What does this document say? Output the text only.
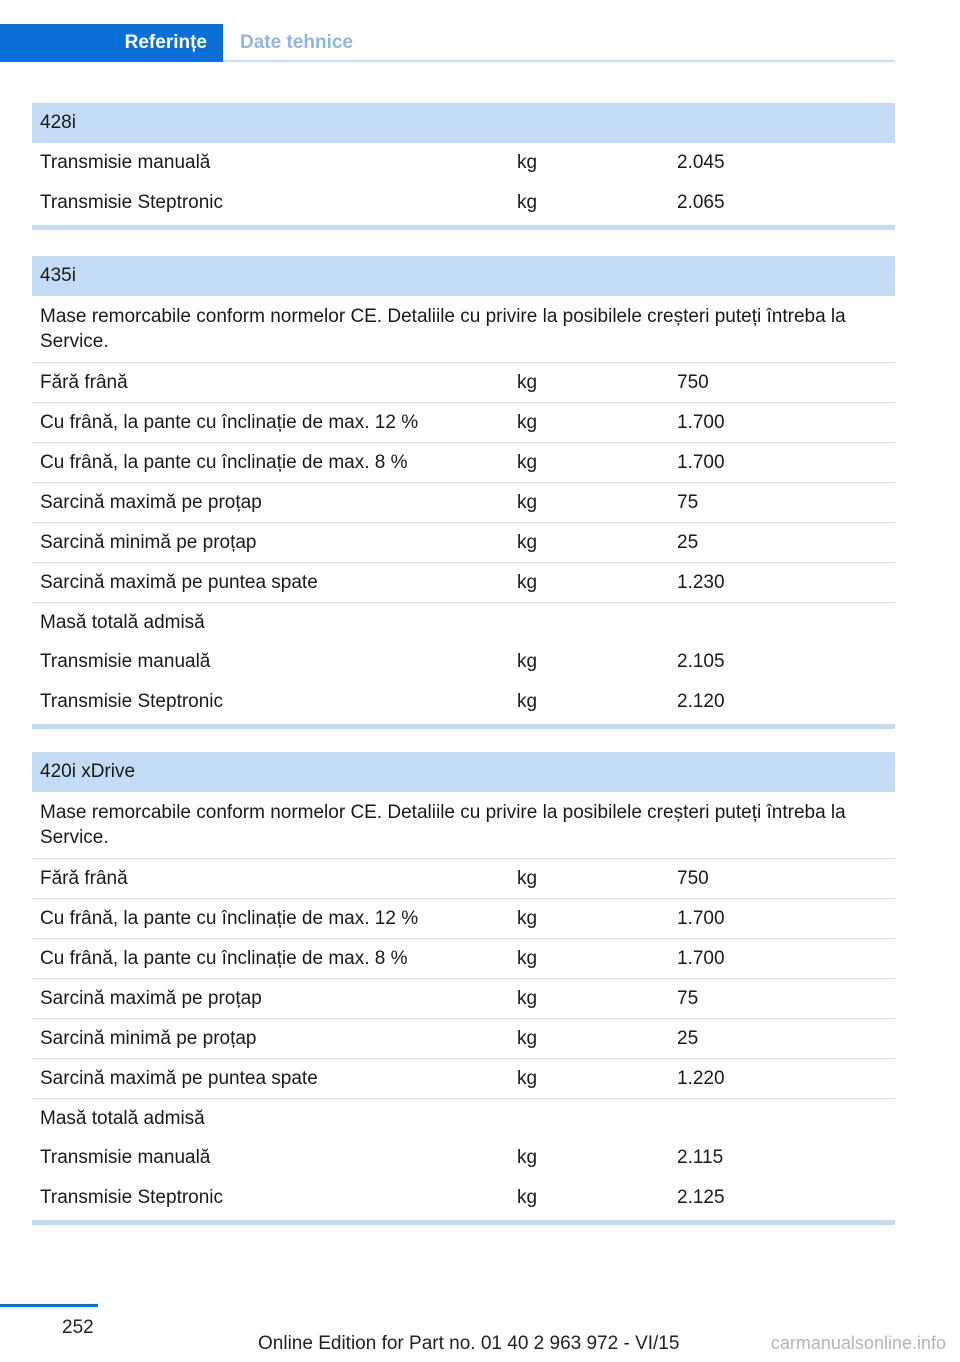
Referințe	Date tehnice
428i
Transmisie manuală	kg	2.045
Transmisie Steptronic	kg	2.065
435i
Mase remorcabile conform normelor CE. Detaliile cu privire la posibilele creșteri puteți întreba la Service.
Fără frână	kg	750
Cu frână, la pante cu înclinație de max. 12 %	kg	1.700
Cu frână, la pante cu înclinație de max. 8 %	kg	1.700
Sarcină maximă pe proțap	kg	75
Sarcină minimă pe proțap	kg	25
Sarcină maximă pe puntea spate	kg	1.230
Masă totală admisă
Transmisie manuală	kg	2.105
Transmisie Steptronic	kg	2.120
420i xDrive
Mase remorcabile conform normelor CE. Detaliile cu privire la posibilele creșteri puteți întreba la Service.
Fără frână	kg	750
Cu frână, la pante cu înclinație de max. 12 %	kg	1.700
Cu frână, la pante cu înclinație de max. 8 %	kg	1.700
Sarcină maximă pe proțap	kg	75
Sarcină minimă pe proțap	kg	25
Sarcină maximă pe puntea spate	kg	1.220
Masă totală admisă
Transmisie manuală	kg	2.115
Transmisie Steptronic	kg	2.125
252
Online Edition for Part no. 01 40 2 963 972 - VI/15	carmanualsonline.info
